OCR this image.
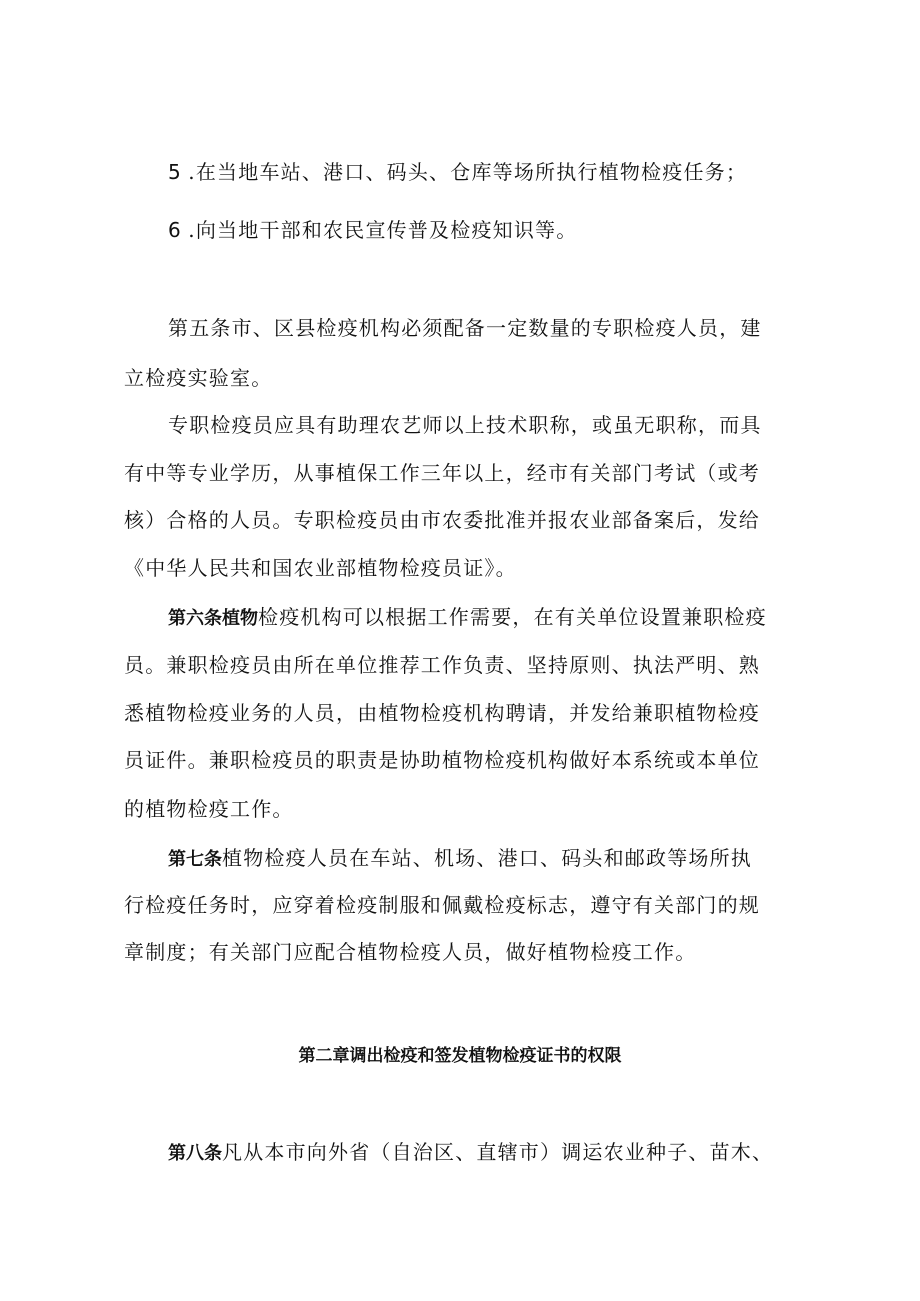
5 .在当地车站、港口、码头、仓库等场所执行植物检疫任务；
6 .向当地干部和农民宣传普及检疫知识等。
第五条市、区县检疫机构必须配备一定数量的专职检疫人员，建
立检疫实验室。
专职检疫员应具有助理农艺师以上技术职称，或虽无职称，而具
有中等专业学历，从事植保工作三年以上，经市有关部门考试（或考
核）合格的人员。专职检疫员由市农委批准并报农业部备案后，发给
《中华人民共和国农业部植物检疫员证》。
第六条植物检疫机构可以根据工作需要，在有关单位设置兼职检疫
员。兼职检疫员由所在单位推荐工作负责、坚持原则、执法严明、熟
悉植物检疫业务的人员，由植物检疫机构聘请，并发给兼职植物检疫
员证件。兼职检疫员的职责是协助植物检疫机构做好本系统或本单位
的植物检疫工作。
第七条植物检疫人员在车站、机场、港口、码头和邮政等场所执
行检疫任务时，应穿着检疫制服和佩戴检疫标志，遵守有关部门的规
章制度；有关部门应配合植物检疫人员，做好植物检疫工作。
第二章调出检疫和签发植物检疫证书的权限
第八条凡从本市向外省（自治区、直辖市）调运农业种子、苗木、
